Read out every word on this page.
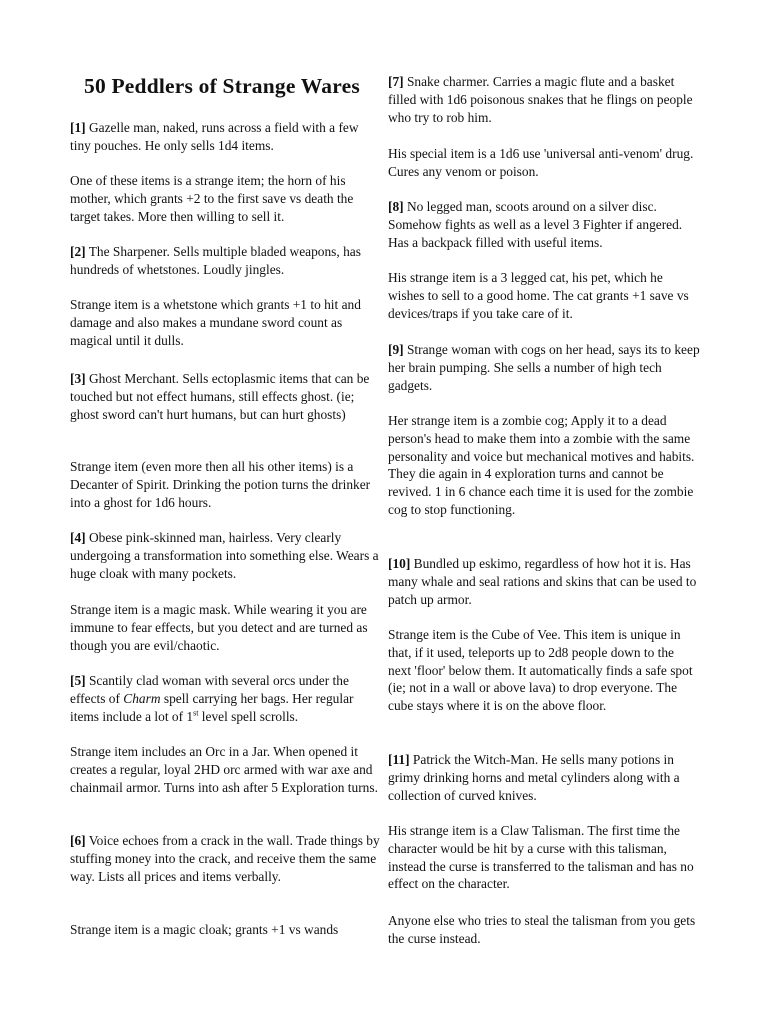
50 Peddlers of Strange Wares

[1] Gazelle man, naked, runs across a field with a few tiny pouches. He only sells 1d4 items.

One of these items is a strange item; the horn of his mother, which grants +2 to the first save vs death the target takes. More then willing to sell it.

[2] The Sharpener. Sells multiple bladed weapons, has hundreds of whetstones. Loudly jingles.

Strange item is a whetstone which grants +1 to hit and damage and also makes a mundane sword count as magical until it dulls.

[3] Ghost Merchant. Sells ectoplasmic items that can be touched but not effect humans, still effects ghost. (ie; ghost sword can't hurt humans, but can hurt ghosts)

Strange item (even more then all his other items) is a Decanter of Spirit. Drinking the potion turns the drinker into a ghost for 1d6 hours.

[4] Obese pink-skinned man, hairless. Very clearly undergoing a transformation into something else. Wears a huge cloak with many pockets.

Strange item is a magic mask. While wearing it you are immune to fear effects, but you detect and are turned as though you are evil/chaotic.

[5] Scantily clad woman with several orcs under the effects of Charm spell carrying her bags. Her regular items include a lot of 1st level spell scrolls.

Strange item includes an Orc in a Jar. When opened it creates a regular, loyal 2HD orc armed with war axe and chainmail armor. Turns into ash after 5 Exploration turns.

[6] Voice echoes from a crack in the wall. Trade things by stuffing money into the crack, and receive them the same way. Lists all prices and items verbally.

Strange item is a magic cloak; grants +1 vs wands

[7] Snake charmer. Carries a magic flute and a basket filled with 1d6 poisonous snakes that he flings on people who try to rob him.

His special item is a 1d6 use 'universal anti-venom' drug. Cures any venom or poison.

[8] No legged man, scoots around on a silver disc. Somehow fights as well as a level 3 Fighter if angered. Has a backpack filled with useful items.

His strange item is a 3 legged cat, his pet, which he wishes to sell to a good home. The cat grants +1 save vs devices/traps if you take care of it.

[9] Strange woman with cogs on her head, says its to keep her brain pumping. She sells a number of high tech gadgets.

Her strange item is a zombie cog; Apply it to a dead person's head to make them into a zombie with the same personality and voice but mechanical motives and habits. They die again in 4 exploration turns and cannot be revived. 1 in 6 chance each time it is used for the zombie cog to stop functioning.

[10] Bundled up eskimo, regardless of how hot it is. Has many whale and seal rations and skins that can be used to patch up armor.

Strange item is the Cube of Vee. This item is unique in that, if it used, teleports up to 2d8 people down to the next 'floor' below them. It automatically finds a safe spot (ie; not in a wall or above lava) to drop everyone. The cube stays where it is on the above floor.

[11] Patrick the Witch-Man. He sells many potions in grimy drinking horns and metal cylinders along with a collection of curved knives.

His strange item is a Claw Talisman. The first time the character would be hit by a curse with this talisman, instead the curse is transferred to the talisman and has no effect on the character.

Anyone else who tries to steal the talisman from you gets the curse instead.
